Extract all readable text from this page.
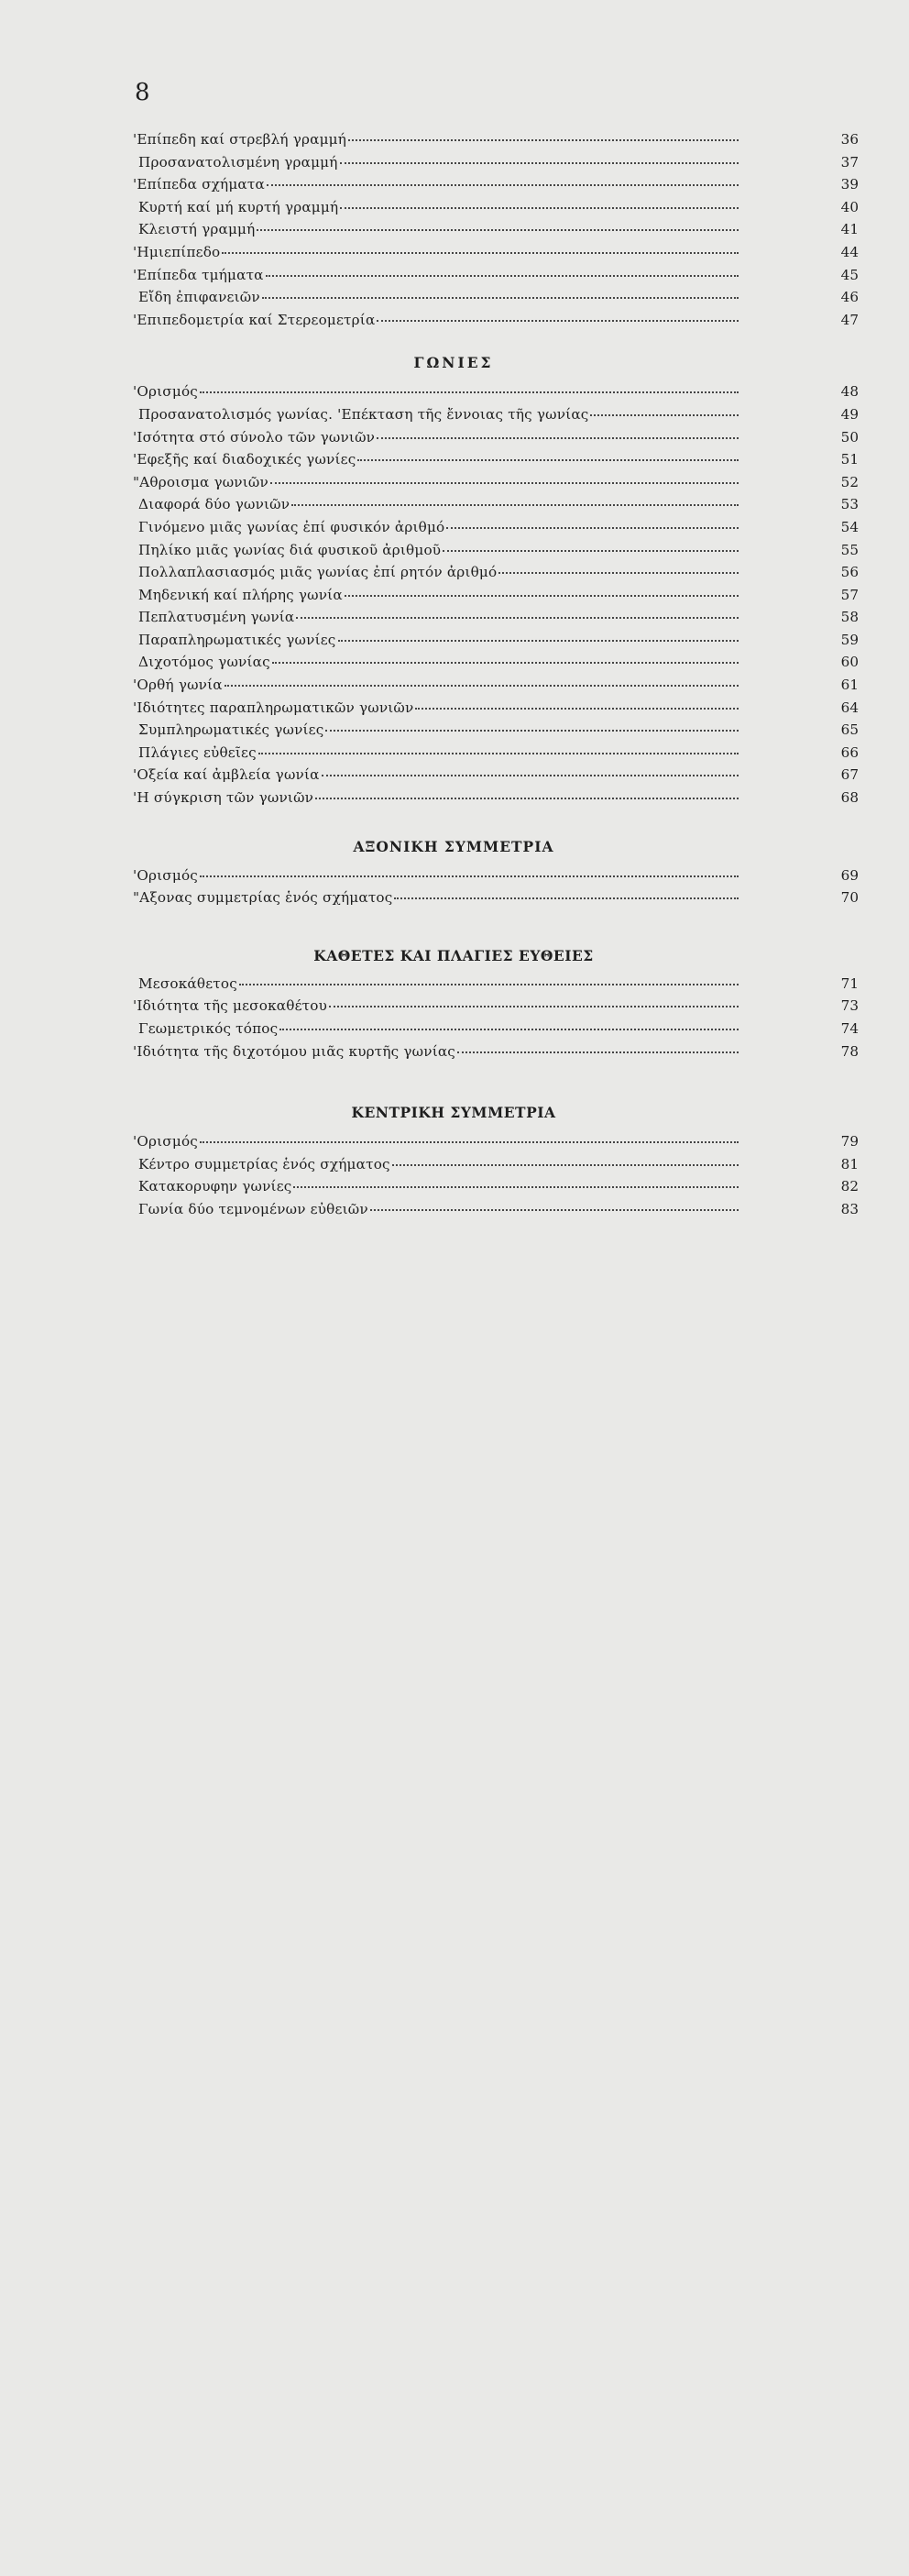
8
'Επίπεδη καί στρεβλή γραμμή	36
Προσανατολισμένη γραμμή	37
'Επίπεδα σχήματα	39
Κυρτή καί μή κυρτή γραμμή	40
Κλειστή γραμμή	41
'Ημιεπίπεδο	44
'Επίπεδα τμήματα	45
Εἴδη ἐπιφανειῶν	46
'Επιπεδομετρία καί Στερεομετρία	47
ΓΩΝΙΕΣ
'Ορισμός	48
Προσανατολισμός γωνίας. 'Επέκταση τῆς ἔννοιας τῆς γωνίας	49
'Ισότητα στό σύνολο τῶν γωνιῶν	50
'Εφεξῆς καί διαδοχικές γωνίες	51
"Αθροισμα γωνιῶν	52
Διαφορά δύο γωνιῶν	53
Γινόμενο μιᾶς γωνίας ἐπί φυσικόν ἀριθμό	54
Πηλίκο μιᾶς γωνίας διά φυσικοῦ ἀριθμοῦ	55
Πολλαπλασιασμός μιᾶς γωνίας ἐπί ρητόν ἀριθμό	56
Μηδενική καί πλήρης γωνία	57
Πεπλατυσμένη γωνία	58
Παραπληρωματικές γωνίες	59
Διχοτόμος γωνίας	60
'Ορθή γωνία	61
'Ιδιότητες παραπληρωματικῶν γωνιῶν	64
Συμπληρωματικές γωνίες	65
Πλάγιες εὐθεῖες	66
'Οξεία καί ἀμβλεία γωνία	67
'Η σύγκριση τῶν γωνιῶν	68
ΑΞΟΝΙΚΗ ΣΥΜΜΕΤΡΙΑ
'Ορισμός	69
"Αξονας συμμετρίας ἑνός σχήματος	70
ΚΑΘΕΤΕΣ ΚΑΙ ΠΛΑΓΙΕΣ ΕΥΘΕΙΕΣ
Μεσοκάθετος	71
'Ιδιότητα τῆς μεσοκαθέτου	73
Γεωμετρικός τόπος	74
'Ιδιότητα τῆς διχοτόμου μιᾶς κυρτῆς γωνίας	78
ΚΕΝΤΡΙΚΗ ΣΥΜΜΕΤΡΙΑ
'Ορισμός	79
Κέντρο συμμετρίας ἑνός σχήματος	81
Κατακορυφην γωνίες	82
Γωνία δύο τεμνομένων εὐθειῶν	83
